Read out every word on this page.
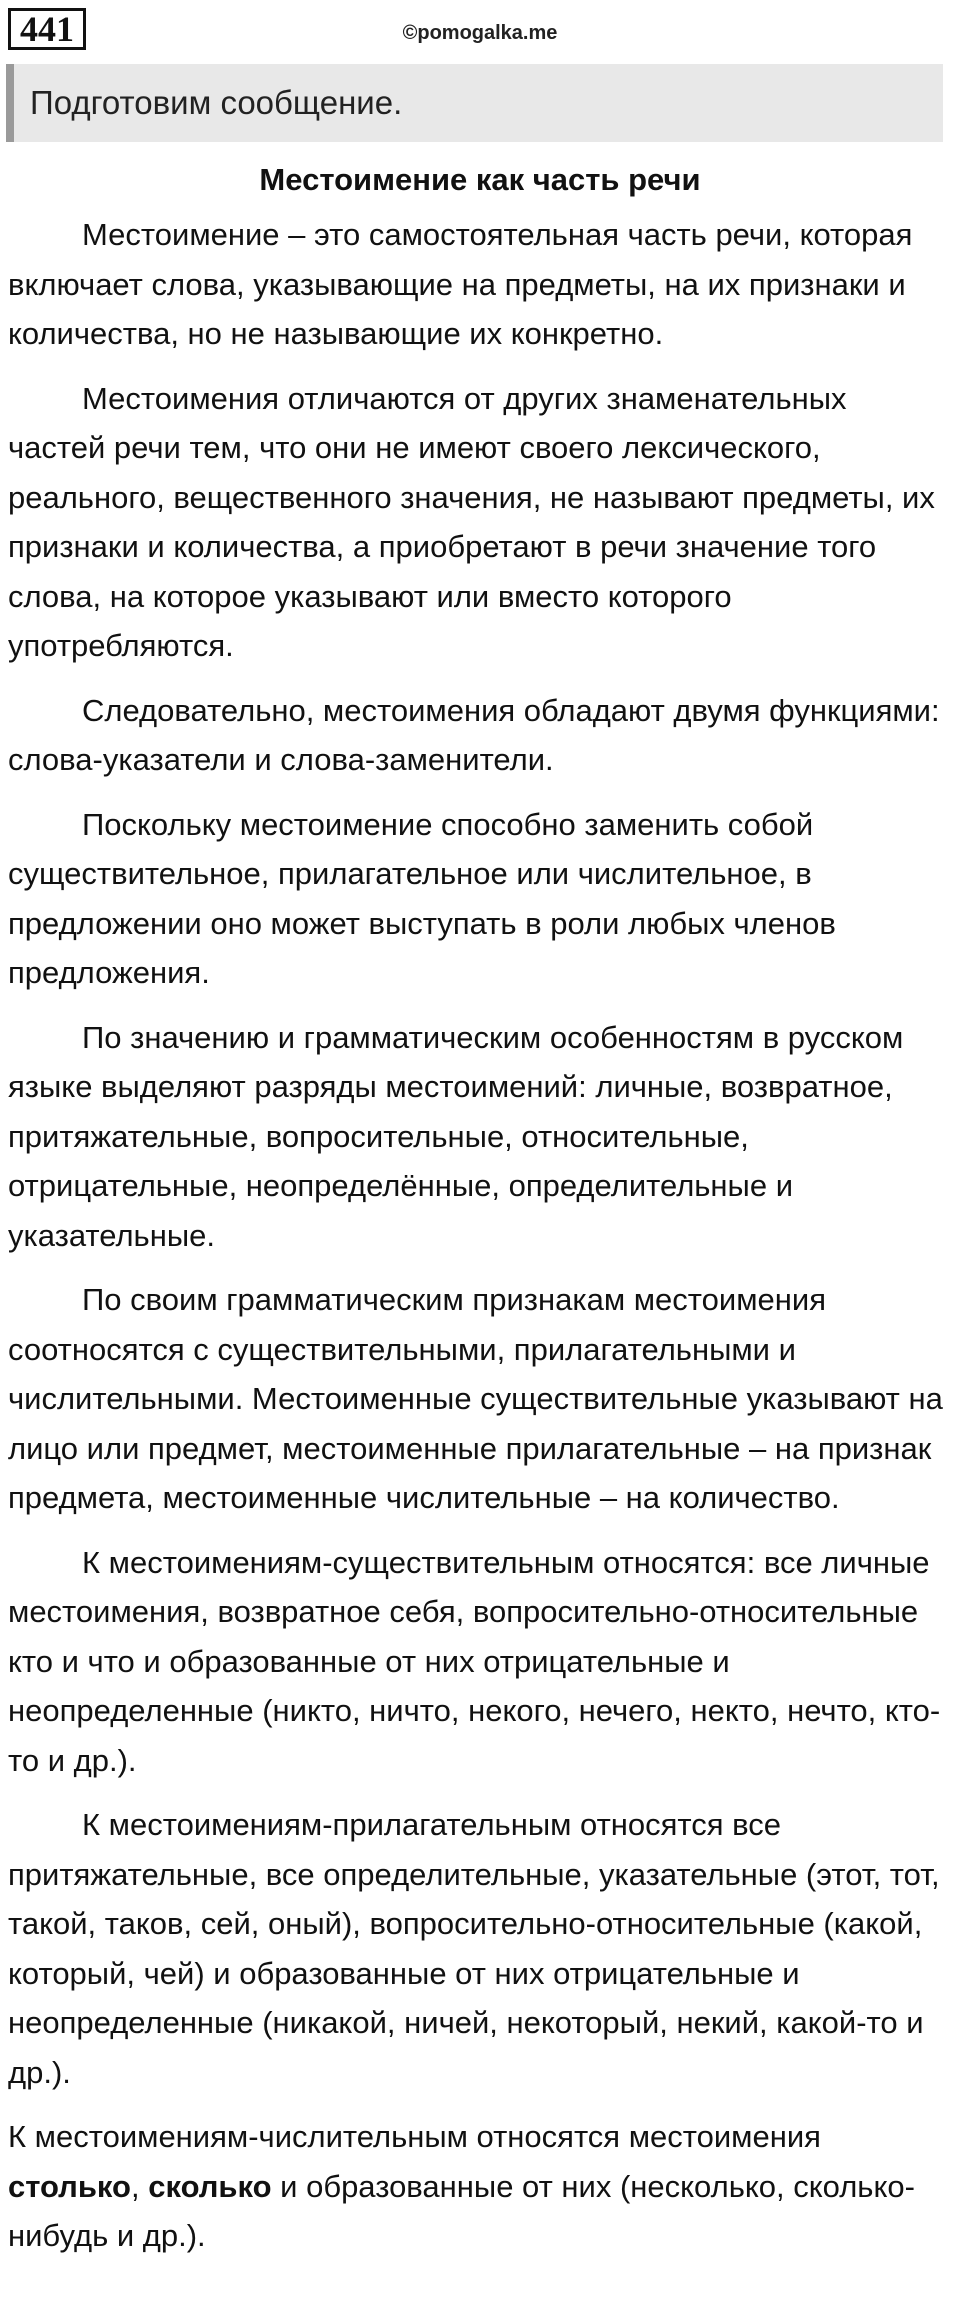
441	©pomogalka.me
Подготовим сообщение.
Местоимение как часть речи

Местоимение – это самостоятельная часть речи, которая включает слова, указывающие на предметы, на их признаки и количества, но не называющие их конкретно.

Местоимения отличаются от других знаменательных частей речи тем, что они не имеют своего лексического, реального, вещественного значения, не называют предметы, их признаки и количества, а приобретают в речи значение того слова, на которое указывают или вместо которого употребляются.

Следовательно, местоимения обладают двумя функциями: слова-указатели и слова-заменители.

Поскольку местоимение способно заменить собой существительное, прилагательное или числительное, в предложении оно может выступать в роли любых членов предложения.

По значению и грамматическим особенностям в русском языке выделяют разряды местоимений: личные, возвратное, притяжательные, вопросительные, относительные, отрицательные, неопределённые, определительные и указательные.

По своим грамматическим признакам местоимения соотносятся с существительными, прилагательными и числительными. Местоименные существительные указывают на лицо или предмет, местоименные прилагательные – на признак предмета, местоименные числительные – на количество.

К местоимениям-существительным относятся: все личные местоимения, возвратное себя, вопросительно-относительные кто и что и образованные от них отрицательные и неопределенные (никто, ничто, некого, нечего, некто, нечто, кто-то и др.).

К местоимениям-прилагательным относятся все притяжательные, все определительные, указательные (этот, тот, такой, таков, сей, оный), вопросительно-относительные (какой, который, чей) и образованные от них отрицательные и неопределенные (никакой, ничей, некоторый, некий, какой-то и др.).

К местоимениям-числительным относятся местоимения столько, сколько и образованные от них (несколько, сколько-нибудь и др.).
